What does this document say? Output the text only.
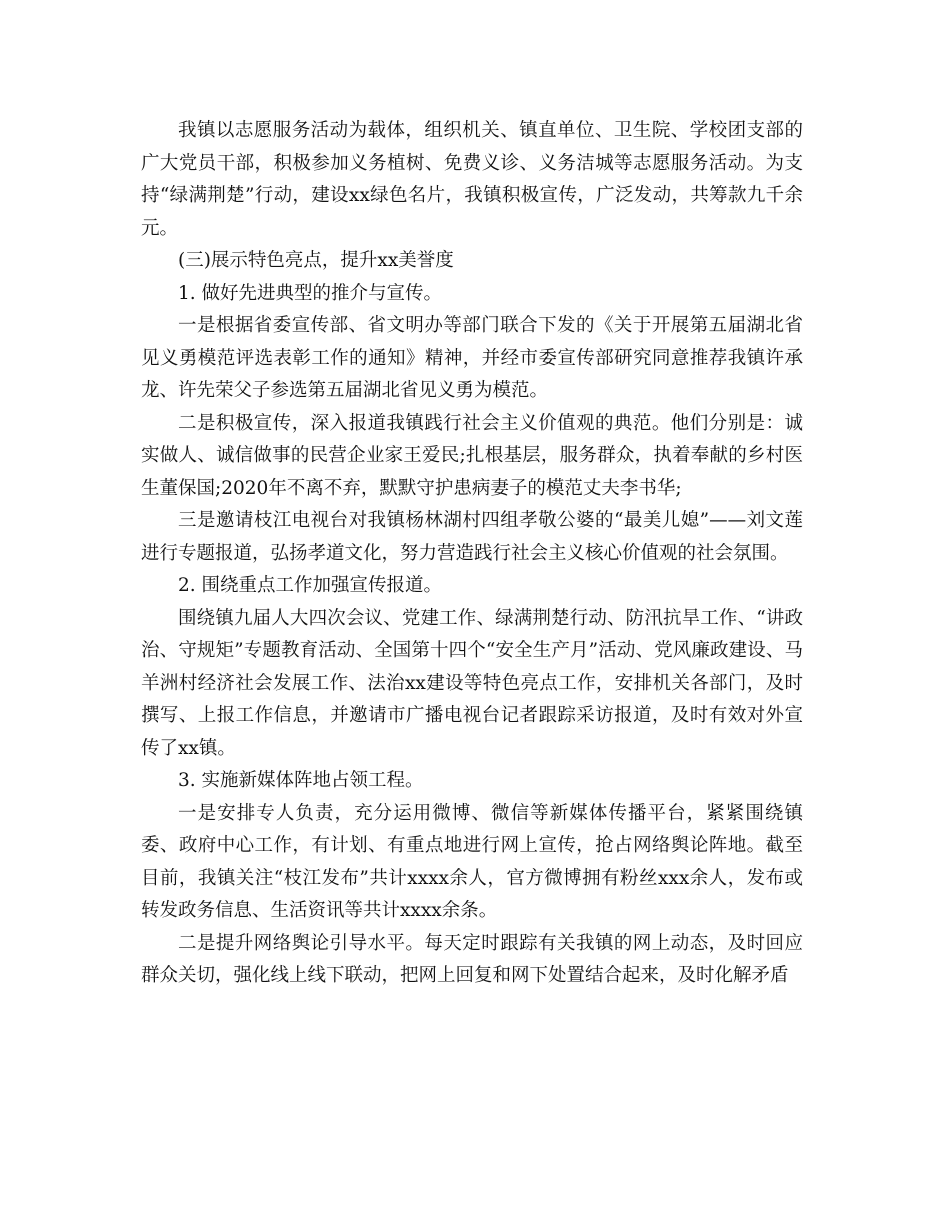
我镇以志愿服务活动为载体，组织机关、镇直单位、卫生院、学校团支部的广大党员干部，积极参加义务植树、免费义诊、义务洁城等志愿服务活动。为支持“绿满荆楚”行动，建设xx绿色名片，我镇积极宣传，广泛发动，共筹款九千余元。

(三)展示特色亮点，提升xx美誉度

1. 做好先进典型的推介与宣传。

一是根据省委宣传部、省文明办等部门联合下发的《关于开展第五届湖北省见义勇模范评选表彰工作的通知》精神，并经市委宣传部研究同意推荐我镇许承龙、许先荣父子参选第五届湖北省见义勇为模范。

二是积极宣传，深入报道我镇践行社会主义价值观的典范。他们分别是：诚实做人、诚信做事的民营企业家王爱民;扎根基层，服务群众，执着奉献的乡村医生董保国;2020年不离不弃，默默守护患病妻子的模范丈夫李书华;

三是邀请枝江电视台对我镇杨林湖村四组孝敬公婆的“最美儿媳”——刘文莲进行专题报道，弘扬孝道文化，努力营造践行社会主义核心价值观的社会氛围。

2. 围绕重点工作加强宣传报道。

围绕镇九届人大四次会议、党建工作、绿满荆楚行动、防汛抗旱工作、“讲政治、守规矩”专题教育活动、全国第十四个“安全生产月”活动、党风廉政建设、马羊洲村经济社会发展工作、法治xx建设等特色亮点工作，安排机关各部门，及时撰写、上报工作信息，并邀请市广播电视台记者跟踪采访报道，及时有效对外宣传了xx镇。

3. 实施新媒体阵地占领工程。

一是安排专人负责，充分运用微博、微信等新媒体传播平台，紧紧围绕镇委、政府中心工作，有计划、有重点地进行网上宣传，抢占网络舆论阵地。截至目前，我镇关注“枝江发布”共计xxxx余人，官方微博拥有粉丝xxx余人，发布或转发政务信息、生活资讯等共计xxxx余条。

二是提升网络舆论引导水平。每天定时跟踪有关我镇的网上动态，及时回应群众关切，强化线上线下联动，把网上回复和网下处置结合起来，及时化解矛盾
